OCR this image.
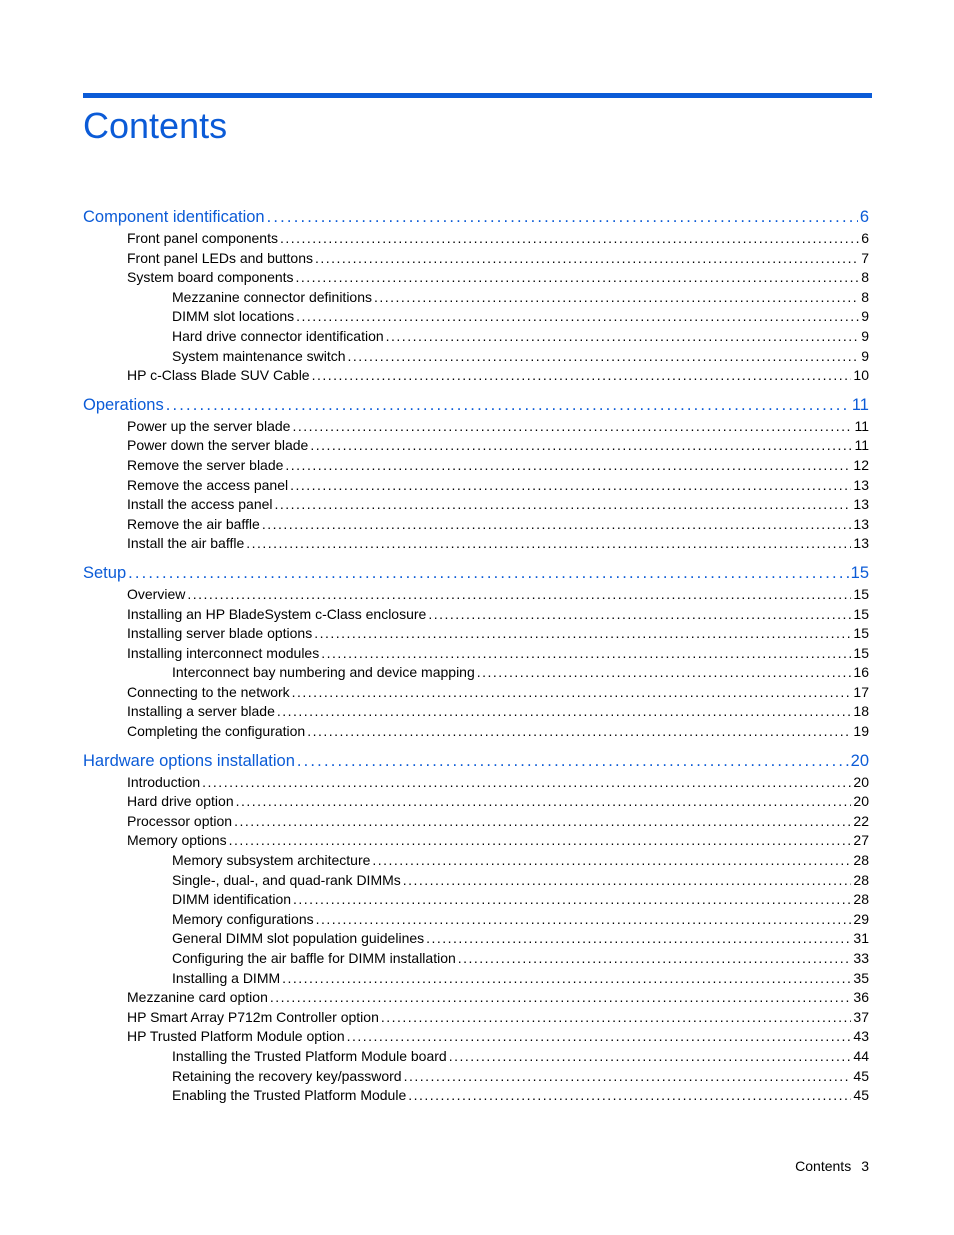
Contents
Component identification . . .	6
Front panel components . . .	6
Front panel LEDs and buttons . . .	7
System board components . . .	8
Mezzanine connector definitions . . .	8
DIMM slot locations . . .	9
Hard drive connector identification . . .	9
System maintenance switch . . .	9
HP c-Class Blade SUV Cable . . .	10
Operations . . .	11
Power up the server blade . . .	11
Power down the server blade . . .	11
Remove the server blade . . .	12
Remove the access panel . . .	13
Install the access panel . . .	13
Remove the air baffle . . .	13
Install the air baffle . . .	13
Setup . . .	15
Overview . . .	15
Installing an HP BladeSystem c-Class enclosure . . .	15
Installing server blade options . . .	15
Installing interconnect modules . . .	15
Interconnect bay numbering and device mapping . . .	16
Connecting to the network . . .	17
Installing a server blade . . .	18
Completing the configuration . . .	19
Hardware options installation . . .	20
Introduction . . .	20
Hard drive option . . .	20
Processor option . . .	22
Memory options . . .	27
Memory subsystem architecture . . .	28
Single-, dual-, and quad-rank DIMMs . . .	28
DIMM identification . . .	28
Memory configurations . . .	29
General DIMM slot population guidelines . . .	31
Configuring the air baffle for DIMM installation . . .	33
Installing a DIMM . . .	35
Mezzanine card option . . .	36
HP Smart Array P712m Controller option . . .	37
HP Trusted Platform Module option . . .	43
Installing the Trusted Platform Module board . . .	44
Retaining the recovery key/password . . .	45
Enabling the Trusted Platform Module . . .	45
Contents 3
